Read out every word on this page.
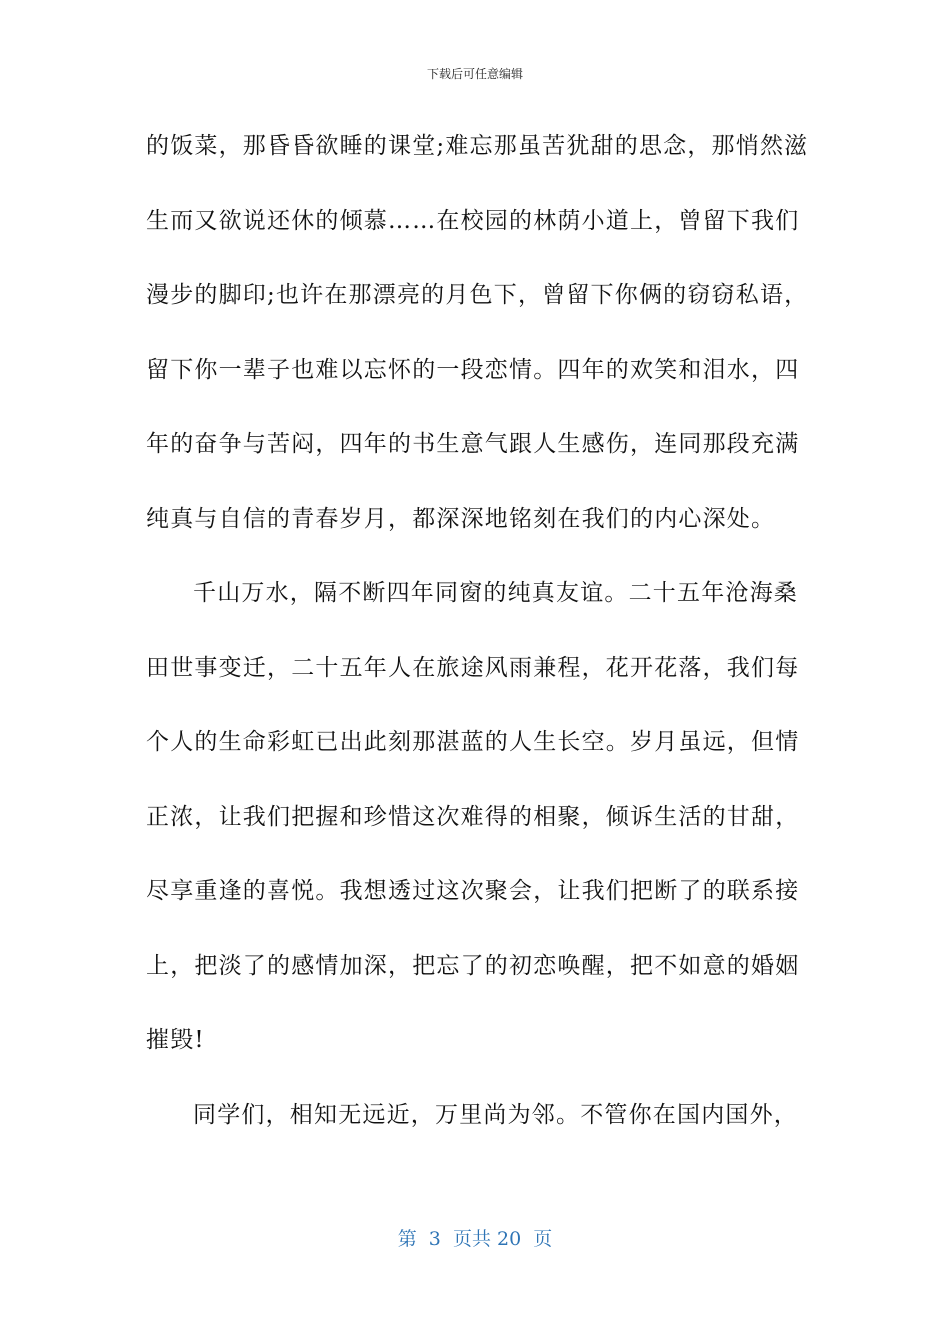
下载后可任意编辑
的饭菜，那昏昏欲睡的课堂;难忘那虽苦犹甜的思念，那悄然滋
生而又欲说还休的倾慕……在校园的林荫小道上，曾留下我们
漫步的脚印;也许在那漂亮的月色下，曾留下你俩的窃窃私语，
留下你一辈子也难以忘怀的一段恋情。四年的欢笑和泪水，四
年的奋争与苦闷，四年的书生意气跟人生感伤，连同那段充满
纯真与自信的青春岁月，都深深地铭刻在我们的内心深处。
千山万水，隔不断四年同窗的纯真友谊。二十五年沧海桑
田世事变迁，二十五年人在旅途风雨兼程，花开花落，我们每
个人的生命彩虹已出此刻那湛蓝的人生长空。岁月虽远，但情
正浓，让我们把握和珍惜这次难得的相聚，倾诉生活的甘甜，
尽享重逢的喜悦。我想透过这次聚会，让我们把断了的联系接
上，把淡了的感情加深，把忘了的初恋唤醒，把不如意的婚姻
摧毁!
同学们，相知无远近，万里尚为邻。不管你在国内国外，
第  3  页共 20  页
